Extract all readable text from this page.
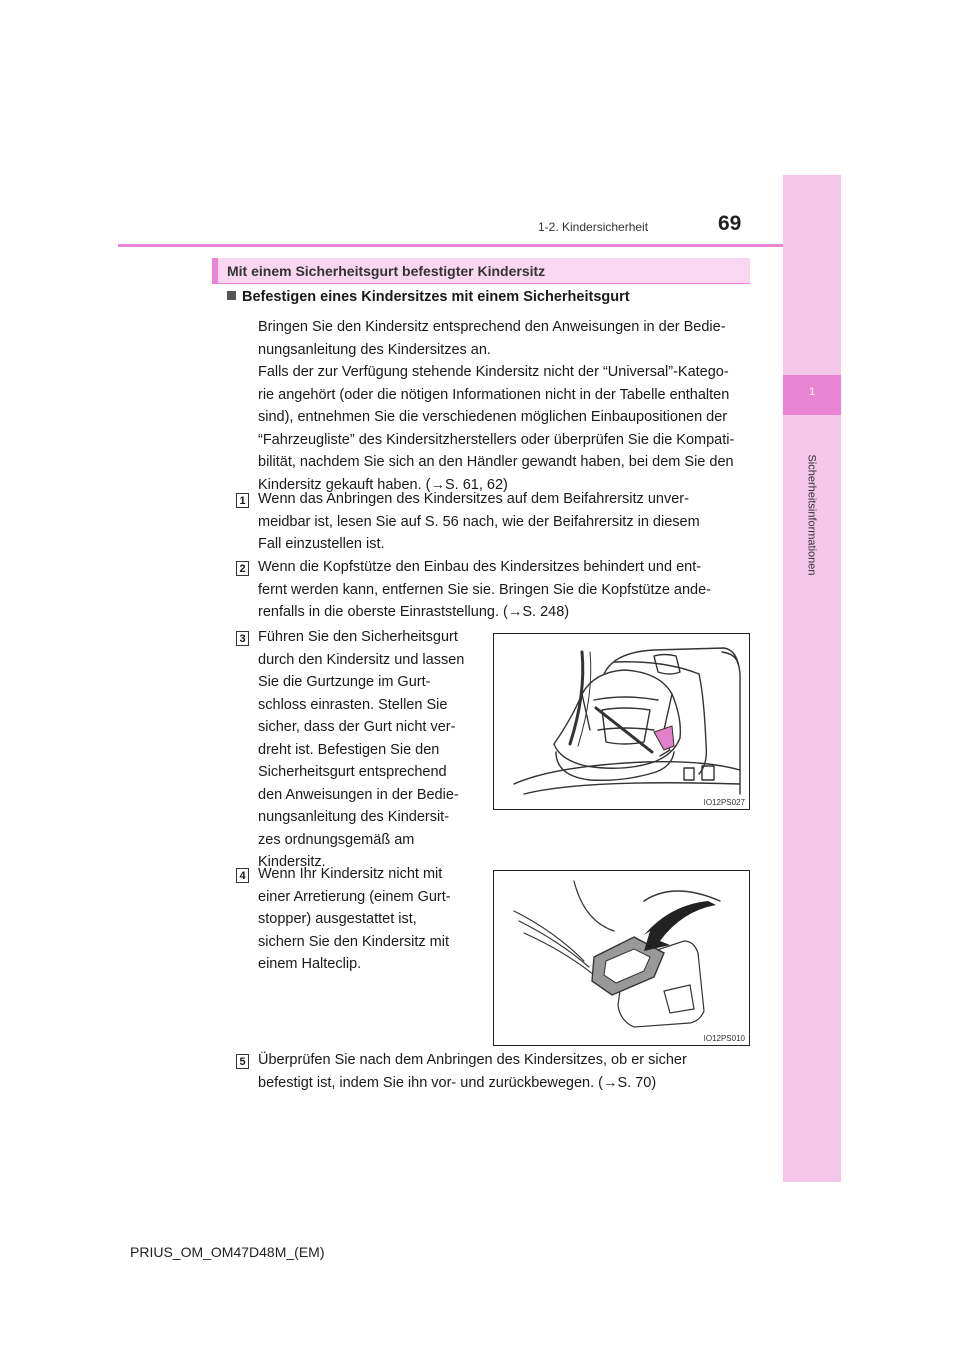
1
Sicherheitsinformationen
1-2. Kindersicherheit	69
Mit einem Sicherheitsgurt befestigter Kindersitz
Befestigen eines Kindersitzes mit einem Sicherheitsgurt
Bringen Sie den Kindersitz entsprechend den Anweisungen in der Bedie-
nungsanleitung des Kindersitzes an.
Falls der zur Verfügung stehende Kindersitz nicht der “Universal”-Katego-
rie angehört (oder die nötigen Informationen nicht in der Tabelle enthalten
sind), entnehmen Sie die verschiedenen möglichen Einbaupositionen der
“Fahrzeugliste” des Kindersitzherstellers oder überprüfen Sie die Kompati-
bilität, nachdem Sie sich an den Händler gewandt haben, bei dem Sie den
Kindersitz gekauft haben. (→S. 61, 62)
1 Wenn das Anbringen des Kindersitzes auf dem Beifahrersitz unver-
meidbar ist, lesen Sie auf S. 56 nach, wie der Beifahrersitz in diesem
Fall einzustellen ist.
2 Wenn die Kopfstütze den Einbau des Kindersitzes behindert und ent-
fernt werden kann, entfernen Sie sie. Bringen Sie die Kopfstütze ande-
renfalls in die oberste Einraststellung. (→S. 248)
3 Führen Sie den Sicherheitsgurt
durch den Kindersitz und lassen
Sie die Gurtzunge im Gurt-
schloss einrasten. Stellen Sie
sicher, dass der Gurt nicht ver-
dreht ist. Befestigen Sie den
Sicherheitsgurt entsprechend
den Anweisungen in der Bedie-
nungsanleitung des Kindersit-
zes ordnungsgemäß am
Kindersitz.
IO12PS027
4 Wenn Ihr Kindersitz nicht mit
einer Arretierung (einem Gurt-
stopper) ausgestattet ist,
sichern Sie den Kindersitz mit
einem Halteclip.
IO12PS010
5 Überprüfen Sie nach dem Anbringen des Kindersitzes, ob er sicher
befestigt ist, indem Sie ihn vor- und zurückbewegen. (→S. 70)
PRIUS_OM_OM47D48M_(EM)
